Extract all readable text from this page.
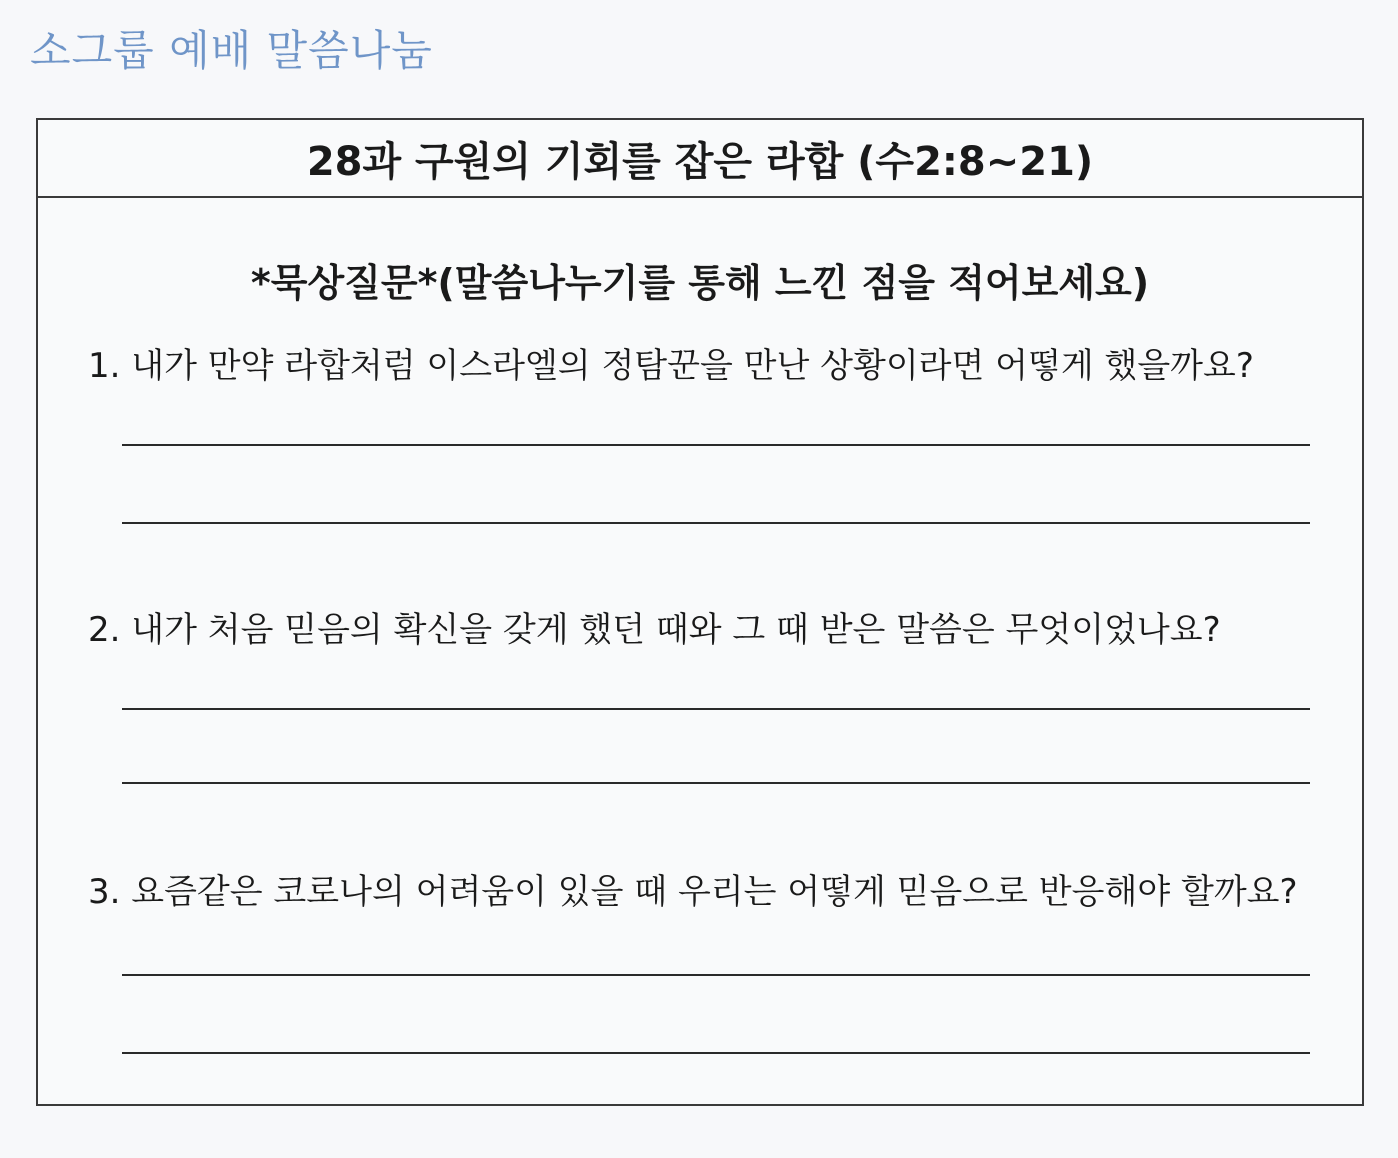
소그룹 예배 말씀나눔
28과 구원의 기회를 잡은 라합 (수2:8~21)
*묵상질문*(말씀나누기를 통해 느낀 점을 적어보세요)
1. 내가 만약 라합처럼 이스라엘의 정탐꾼을 만난 상황이라면 어떻게 했을까요?
2. 내가 처음 믿음의 확신을 갖게 했던 때와 그 때 받은 말씀은 무엇이었나요?
3. 요즘같은 코로나의 어려움이 있을 때 우리는 어떻게 믿음으로 반응해야 할까요?
